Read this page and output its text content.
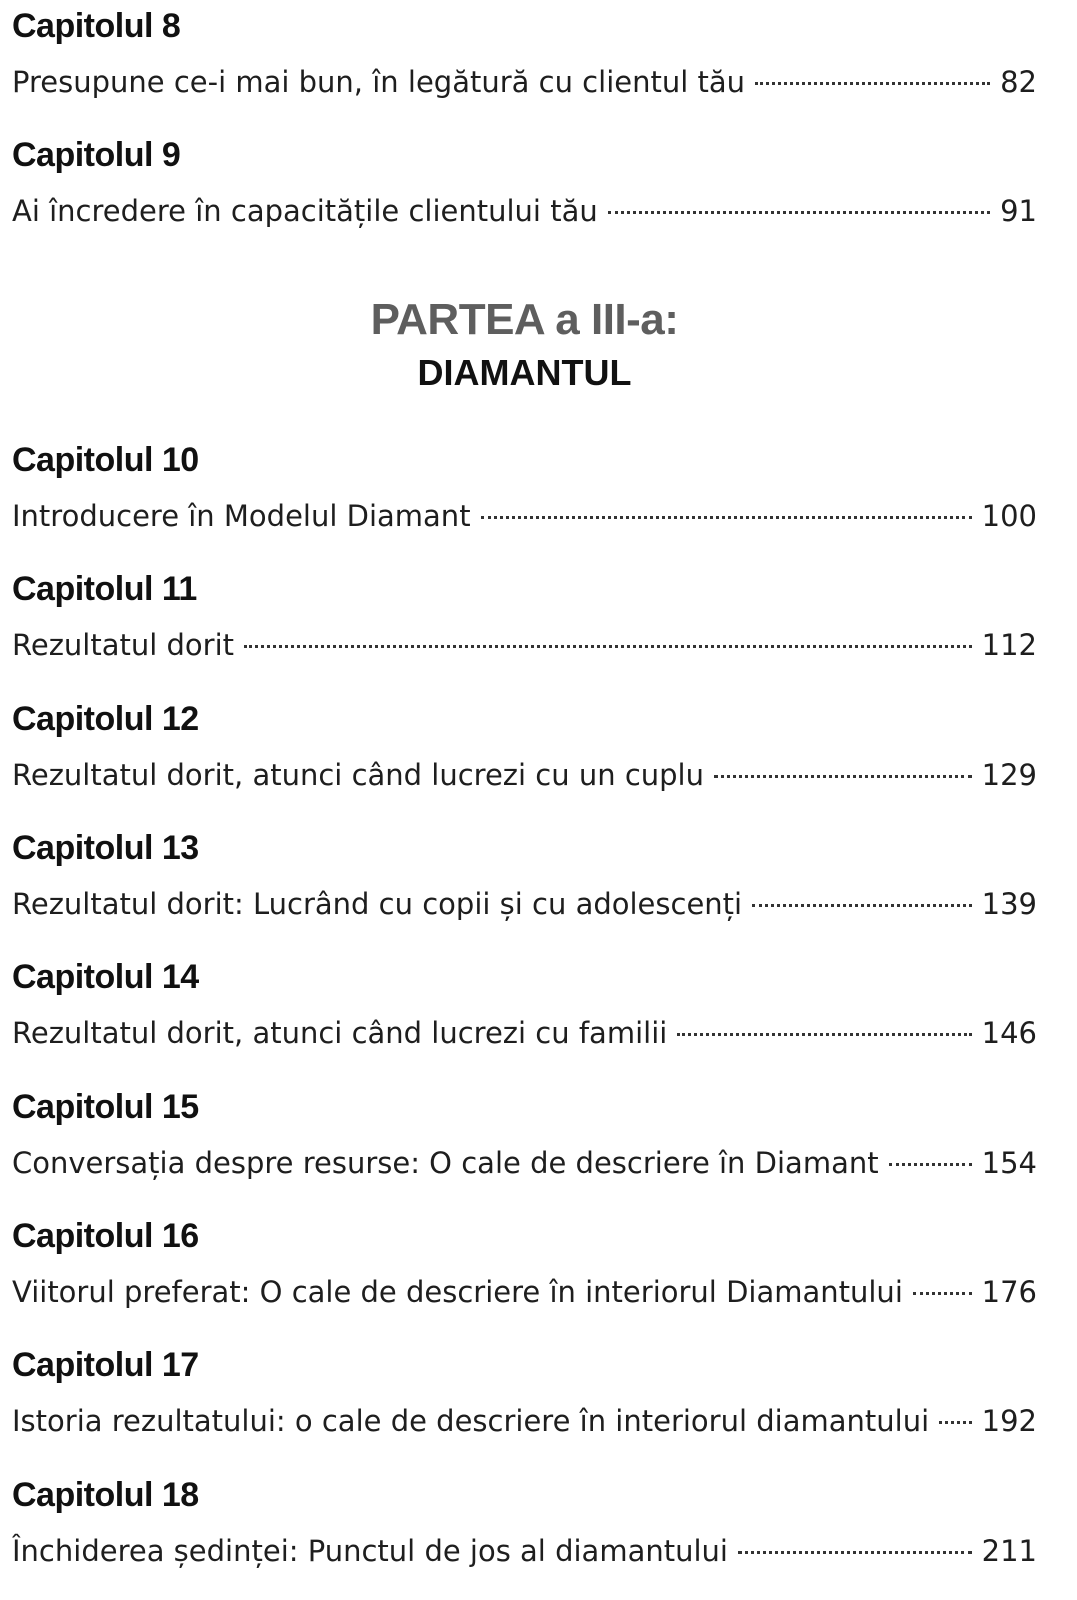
Capitolul 8

Presupune ce-i mai bun, în legătură cu clientul tău	82

Capitolul 9

Ai încredere în capacitățile clientului tău	91
PARTEA a III-a:
DIAMANTUL

Capitolul 10

Introducere în Modelul Diamant	100

Capitolul 11

Rezultatul dorit	112

Capitolul 12

Rezultatul dorit, atunci când lucrezi cu un cuplu	129

Capitolul 13

Rezultatul dorit: Lucrând cu copii și cu adolescenți	139

Capitolul 14

Rezultatul dorit, atunci când lucrezi cu familii	146

Capitolul 15

Conversația despre resurse: O cale de descriere în Diamant	154

Capitolul 16

Viitorul preferat: O cale de descriere în interiorul Diamantului	176

Capitolul 17

Istoria rezultatului: o cale de descriere în interiorul diamantului 192

Capitolul 18

Închiderea ședinței: Punctul de jos al diamantului	211
